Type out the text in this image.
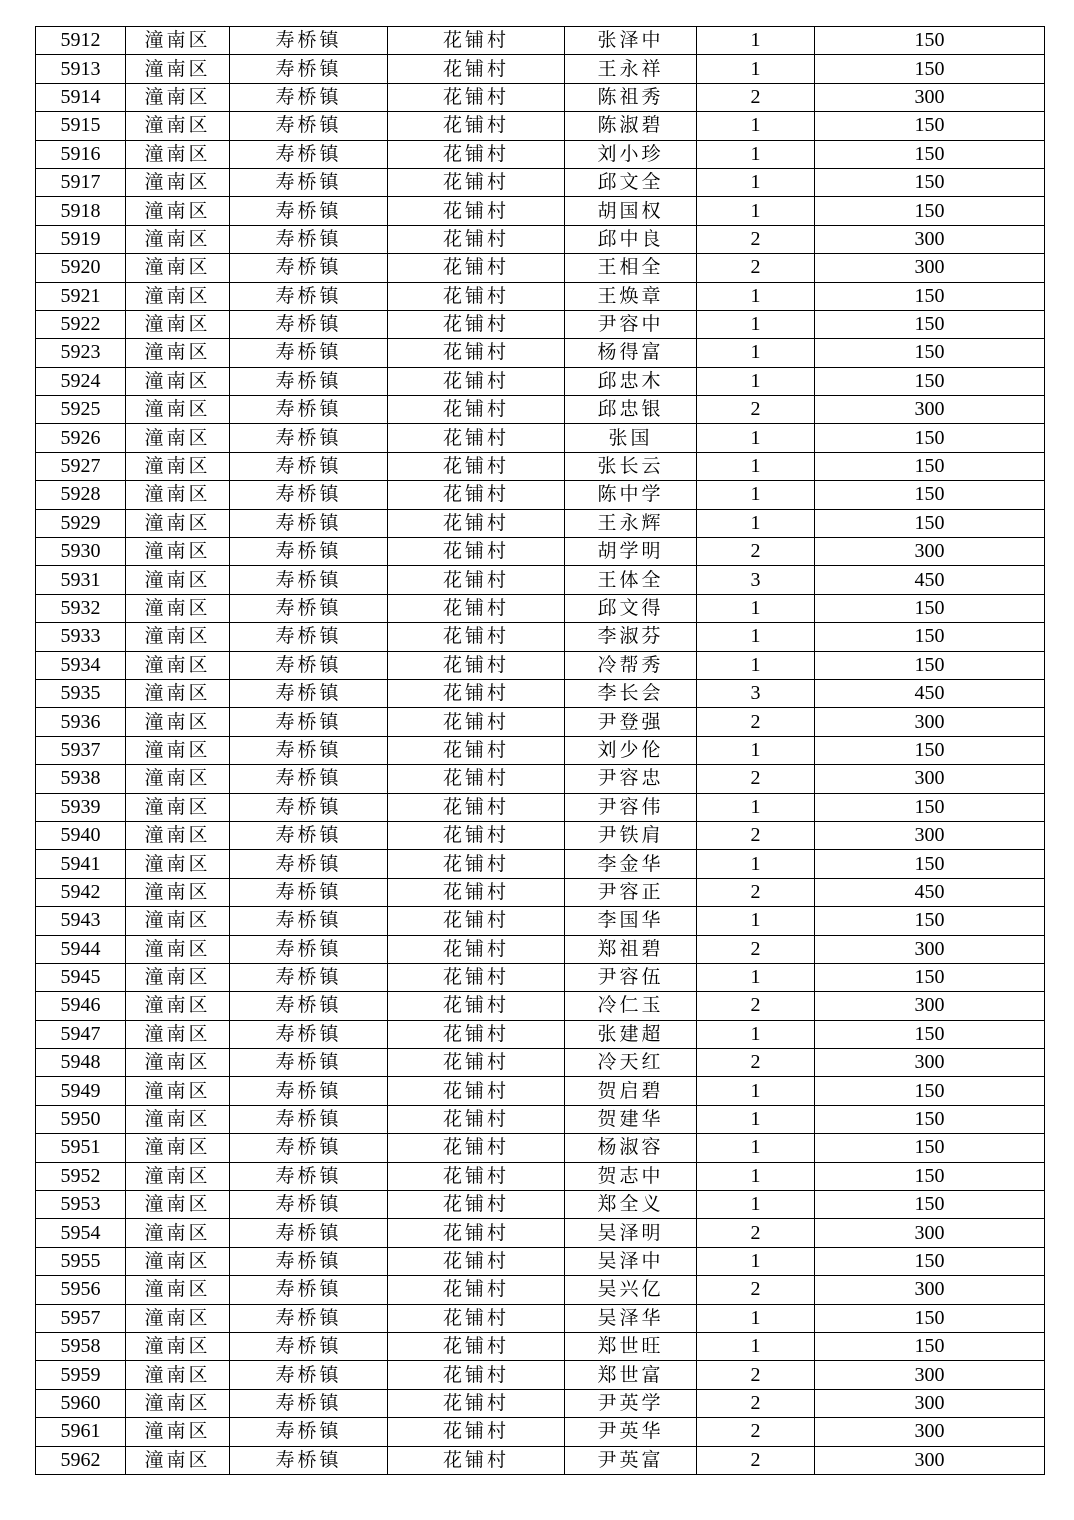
5912	潼南区	寿桥镇	花铺村	张泽中	1	150
5913	潼南区	寿桥镇	花铺村	王永祥	1	150
5914	潼南区	寿桥镇	花铺村	陈祖秀	2	300
5915	潼南区	寿桥镇	花铺村	陈淑碧	1	150
5916	潼南区	寿桥镇	花铺村	刘小珍	1	150
5917	潼南区	寿桥镇	花铺村	邱文全	1	150
5918	潼南区	寿桥镇	花铺村	胡国权	1	150
5919	潼南区	寿桥镇	花铺村	邱中良	2	300
5920	潼南区	寿桥镇	花铺村	王相全	2	300
5921	潼南区	寿桥镇	花铺村	王焕章	1	150
5922	潼南区	寿桥镇	花铺村	尹容中	1	150
5923	潼南区	寿桥镇	花铺村	杨得富	1	150
5924	潼南区	寿桥镇	花铺村	邱忠木	1	150
5925	潼南区	寿桥镇	花铺村	邱忠银	2	300
5926	潼南区	寿桥镇	花铺村	张国	1	150
5927	潼南区	寿桥镇	花铺村	张长云	1	150
5928	潼南区	寿桥镇	花铺村	陈中学	1	150
5929	潼南区	寿桥镇	花铺村	王永辉	1	150
5930	潼南区	寿桥镇	花铺村	胡学明	2	300
5931	潼南区	寿桥镇	花铺村	王体全	3	450
5932	潼南区	寿桥镇	花铺村	邱文得	1	150
5933	潼南区	寿桥镇	花铺村	李淑芬	1	150
5934	潼南区	寿桥镇	花铺村	冷帮秀	1	150
5935	潼南区	寿桥镇	花铺村	李长会	3	450
5936	潼南区	寿桥镇	花铺村	尹登强	2	300
5937	潼南区	寿桥镇	花铺村	刘少伦	1	150
5938	潼南区	寿桥镇	花铺村	尹容忠	2	300
5939	潼南区	寿桥镇	花铺村	尹容伟	1	150
5940	潼南区	寿桥镇	花铺村	尹铁肩	2	300
5941	潼南区	寿桥镇	花铺村	李金华	1	150
5942	潼南区	寿桥镇	花铺村	尹容正	2	450
5943	潼南区	寿桥镇	花铺村	李国华	1	150
5944	潼南区	寿桥镇	花铺村	郑祖碧	2	300
5945	潼南区	寿桥镇	花铺村	尹容伍	1	150
5946	潼南区	寿桥镇	花铺村	冷仁玉	2	300
5947	潼南区	寿桥镇	花铺村	张建超	1	150
5948	潼南区	寿桥镇	花铺村	冷天红	2	300
5949	潼南区	寿桥镇	花铺村	贺启碧	1	150
5950	潼南区	寿桥镇	花铺村	贺建华	1	150
5951	潼南区	寿桥镇	花铺村	杨淑容	1	150
5952	潼南区	寿桥镇	花铺村	贺志中	1	150
5953	潼南区	寿桥镇	花铺村	郑全义	1	150
5954	潼南区	寿桥镇	花铺村	吴泽明	2	300
5955	潼南区	寿桥镇	花铺村	吴泽中	1	150
5956	潼南区	寿桥镇	花铺村	吴兴亿	2	300
5957	潼南区	寿桥镇	花铺村	吴泽华	1	150
5958	潼南区	寿桥镇	花铺村	郑世旺	1	150
5959	潼南区	寿桥镇	花铺村	郑世富	2	300
5960	潼南区	寿桥镇	花铺村	尹英学	2	300
5961	潼南区	寿桥镇	花铺村	尹英华	2	300
5962	潼南区	寿桥镇	花铺村	尹英富	2	300
